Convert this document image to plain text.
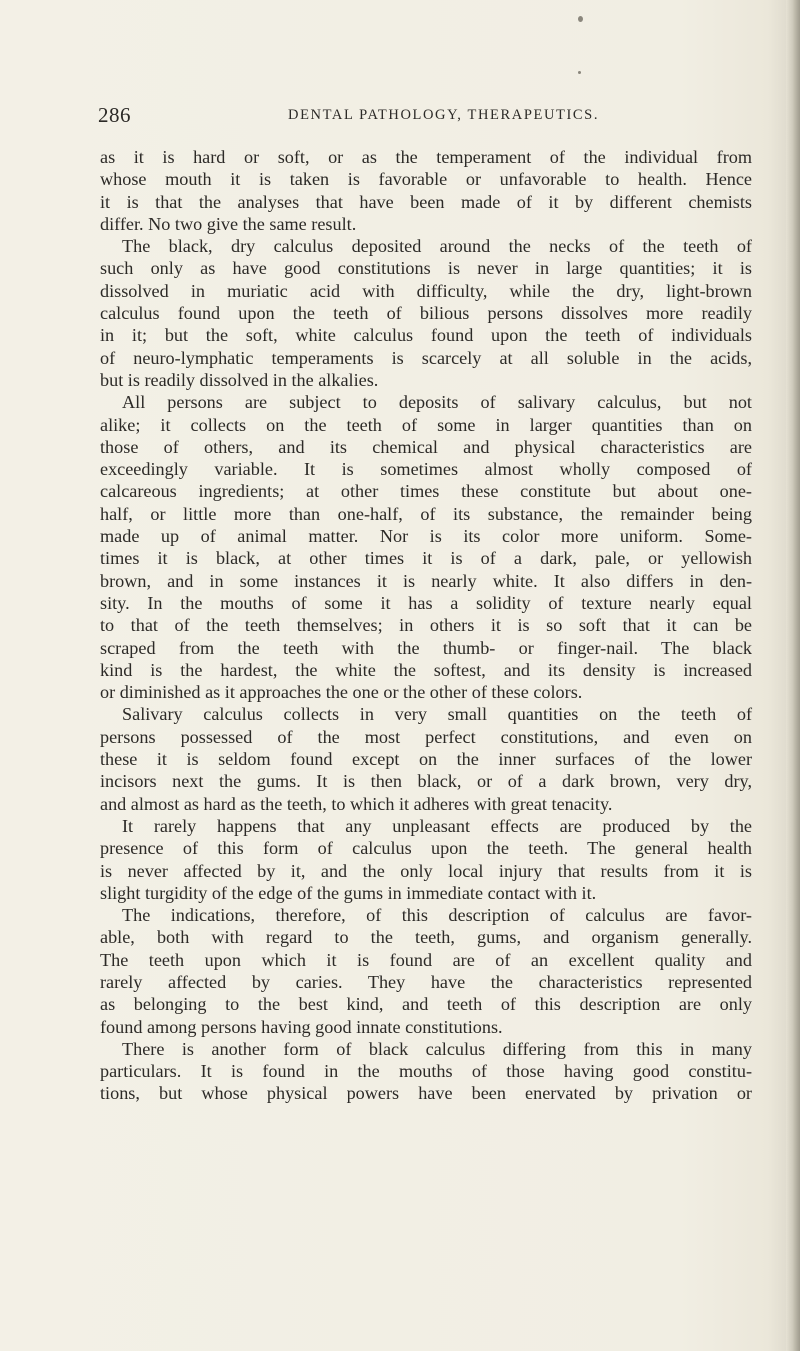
286	DENTAL PATHOLOGY, THERAPEUTICS.
as it is hard or soft, or as the temperament of the individual from
whose mouth it is taken is favorable or unfavorable to health. Hence
it is that the analyses that have been made of it by different chemists
differ. No two give the same result.
The black, dry calculus deposited around the necks of the teeth of
such only as have good constitutions is never in large quantities; it is
dissolved in muriatic acid with difficulty, while the dry, light-brown
calculus found upon the teeth of bilious persons dissolves more readily
in it; but the soft, white calculus found upon the teeth of individuals
of neuro-lymphatic temperaments is scarcely at all soluble in the acids,
but is readily dissolved in the alkalies.
All persons are subject to deposits of salivary calculus, but not
alike; it collects on the teeth of some in larger quantities than on
those of others, and its chemical and physical characteristics are
exceedingly variable. It is sometimes almost wholly composed of
calcareous ingredients; at other times these constitute but about one-
half, or little more than one-half, of its substance, the remainder being
made up of animal matter. Nor is its color more uniform. Some-
times it is black, at other times it is of a dark, pale, or yellowish
brown, and in some instances it is nearly white. It also differs in den-
sity. In the mouths of some it has a solidity of texture nearly equal
to that of the teeth themselves; in others it is so soft that it can be
scraped from the teeth with the thumb- or finger-nail. The black
kind is the hardest, the white the softest, and its density is increased
or diminished as it approaches the one or the other of these colors.
Salivary calculus collects in very small quantities on the teeth of
persons possessed of the most perfect constitutions, and even on
these it is seldom found except on the inner surfaces of the lower
incisors next the gums. It is then black, or of a dark brown, very dry,
and almost as hard as the teeth, to which it adheres with great tenacity.
It rarely happens that any unpleasant effects are produced by the
presence of this form of calculus upon the teeth. The general health
is never affected by it, and the only local injury that results from it is
slight turgidity of the edge of the gums in immediate contact with it.
The indications, therefore, of this description of calculus are favor-
able, both with regard to the teeth, gums, and organism generally.
The teeth upon which it is found are of an excellent quality and
rarely affected by caries. They have the characteristics represented
as belonging to the best kind, and teeth of this description are only
found among persons having good innate constitutions.
There is another form of black calculus differing from this in many
particulars. It is found in the mouths of those having good constitu-
tions, but whose physical powers have been enervated by privation or
